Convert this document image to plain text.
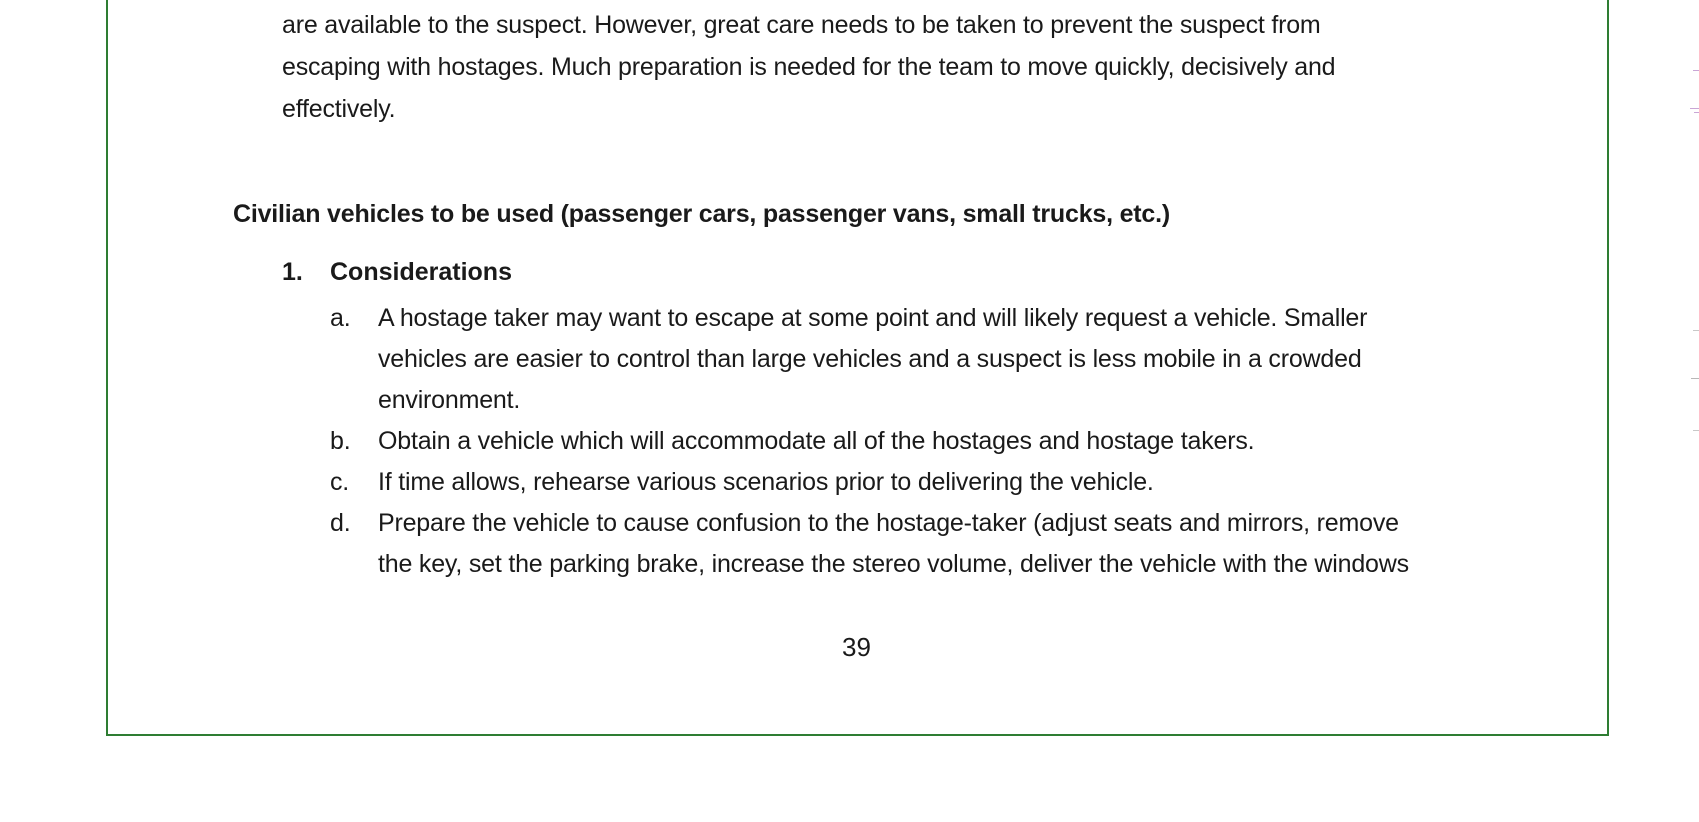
are available to the suspect. However, great care needs to be taken to prevent the suspect from
escaping with hostages. Much preparation is needed for the team to move quickly, decisively and
effectively.
Civilian vehicles to be used (passenger cars, passenger vans, small trucks, etc.)
1. Considerations
a. A hostage taker may want to escape at some point and will likely request a vehicle. Smaller
vehicles are easier to control than large vehicles and a suspect is less mobile in a crowded
environment.
b. Obtain a vehicle which will accommodate all of the hostages and hostage takers.
c. If time allows, rehearse various scenarios prior to delivering the vehicle.
d. Prepare the vehicle to cause confusion to the hostage-taker (adjust seats and mirrors, remove
the key, set the parking brake, increase the stereo volume, deliver the vehicle with the windows
39
